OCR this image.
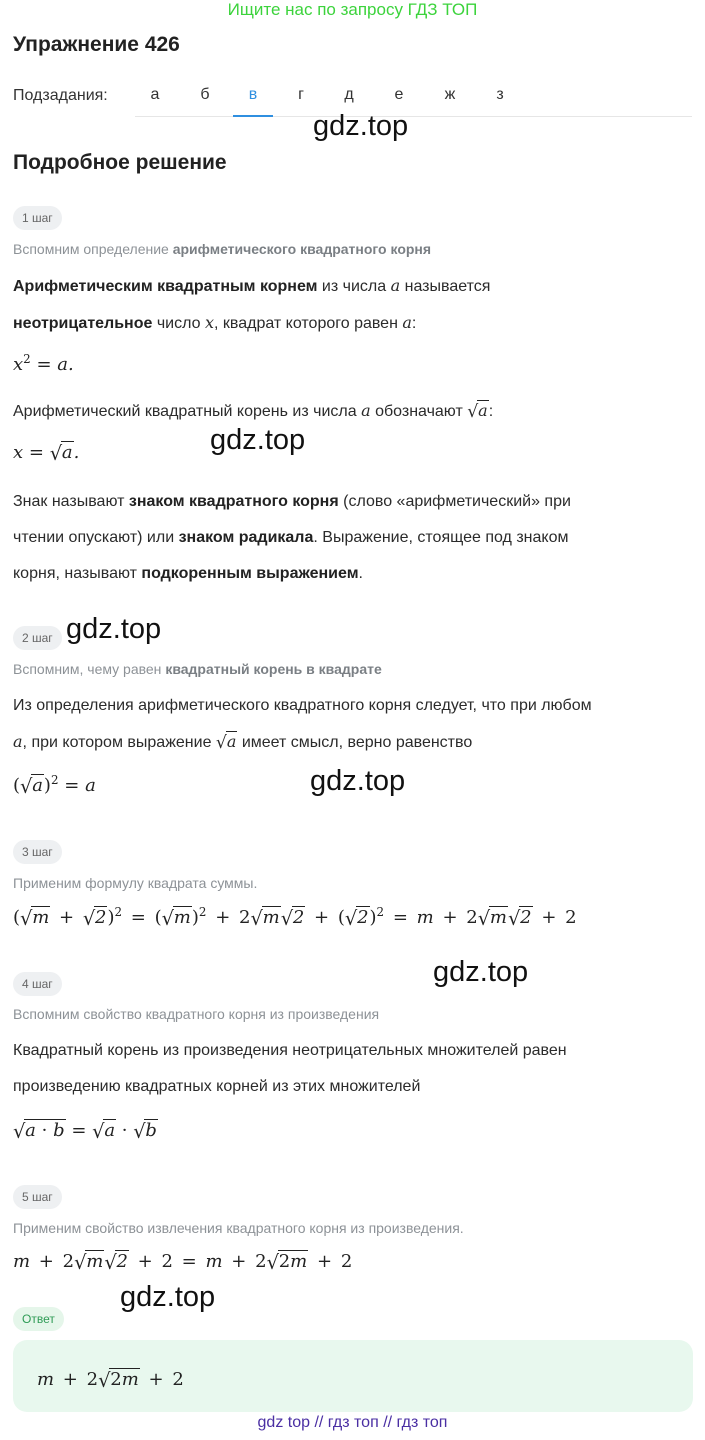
Ищите нас по запросу ГДЗ ТОП
Упражнение 426
Подзадания:	а	б	в	г	д	е	ж	з
gdz.top
Подробное решение
1 шаг
Вспомним определение арифметического квадратного корня
Арифметическим квадратным корнем из числа a называется
неотрицательное число x, квадрат которого равен a:
$x^2 = a$.
Арифметический квадратный корень из числа a обозначают √ a:
gdz.top
x = √ a.
Знак называют знаком квадратного корня (слово «арифметический» при
чтении опускают) или знаком радикала. Выражение, стоящее под знаком
корня, называют подкоренным выражением.
2 шаг gdz.top
Вспомним, чему равен квадратный корень в квадрате
Из определения арифметического квадратного корня следует, что при любом
a, при котором выражение √ a имеет смысл, верно равенство
( √ a)$^2$ = a	gdz.top
3 шаг
Применим формулу квадрата суммы.
( √ m + √ 2)$^2$ = ( √ m)$^2$ + 2 √ m √ 2 + ( √ 2)$^2$ = m + 2 √ m √ 2 + 2
gdz.top
4 шаг
Вспомним свойство квадратного корня из произведения
Квадратный корень из произведения неотрицательных множителей равен
произведению квадратных корней из этих множителей
√ a · b = √ a · √ b
5 шаг
Применим свойство извлечения квадратного корня из произведения.
m + 2 √ m √ 2 + 2 = m + 2 √ 2m + 2
gdz.top
Ответ
m + 2 √ 2m + 2
gdz top // гдз топ // гдз топ
